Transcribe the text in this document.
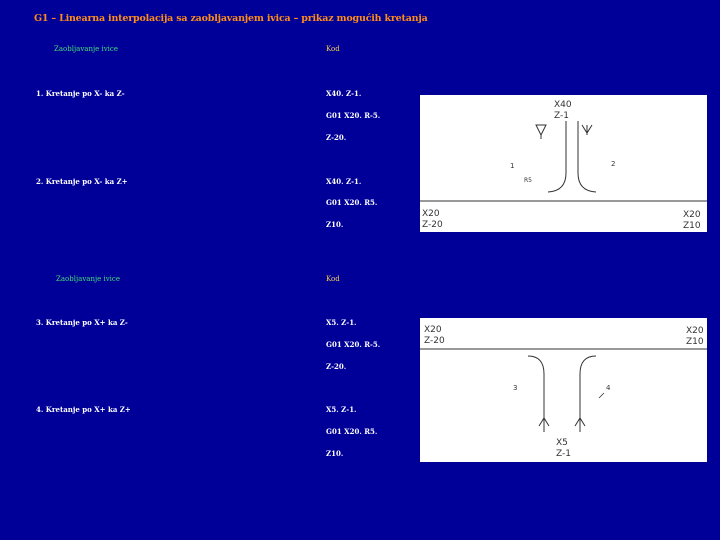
G1 – Linearna interpolacija sa zaobljavanjem ivica – prikaz mogućih kretanja
Zaobljavanje ivice	Kod
1. Kretanje po X- ka Z-	X40. Z-1.
G01 X20. R-5.
Z-20.
2. Kretanje po X- ka Z+	X40. Z-1.
G01 X20. R5.
Z10.
Zaobljavanje ivice	Kod
3. Kretanje po X+ ka Z-	X5. Z-1.
G01 X20. R-5.
Z-20.
4. Kretanje po X+ ka Z+	X5. Z-1.
G01 X20. R5.
Z10.
X40
Z-1
1	2
R5
X20
Z-20
X20
Z10
X20
Z-20
X20
Z10
3	4
X5
Z-1
